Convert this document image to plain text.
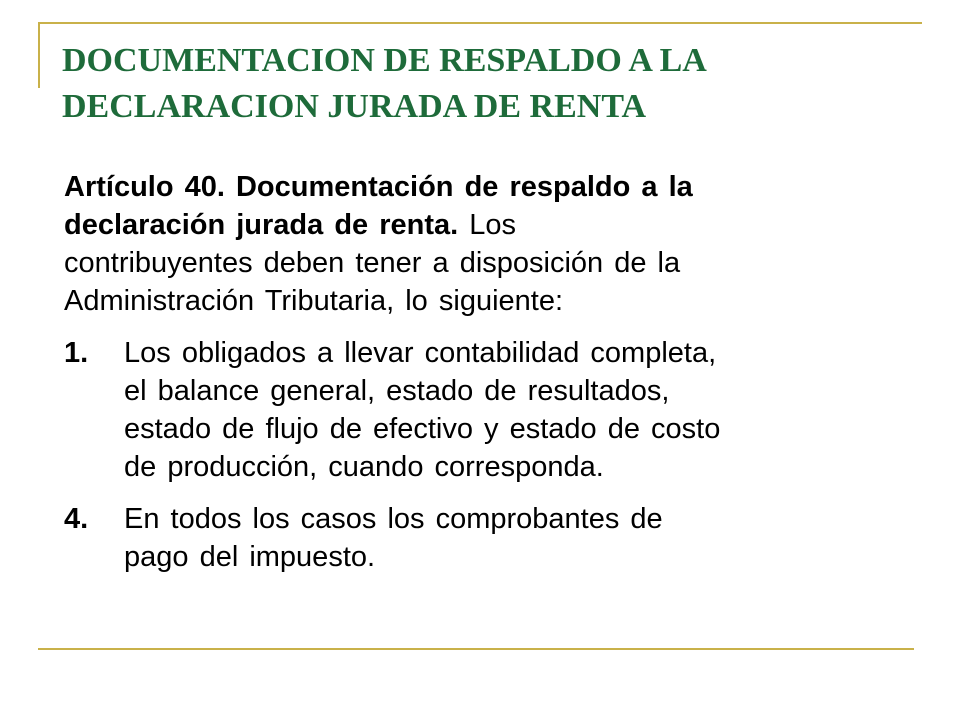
DOCUMENTACION DE RESPALDO A LA
DECLARACION JURADA DE RENTA

Artículo 40. Documentación de respaldo a la
declaración jurada de renta. Los
contribuyentes deben tener a disposición de la
Administración Tributaria, lo siguiente:

1.	Los obligados a llevar contabilidad completa,
el balance general, estado de resultados,
estado de flujo de efectivo y estado de costo
de producción, cuando corresponda.
4.	En todos los casos los comprobantes de
pago del impuesto.
